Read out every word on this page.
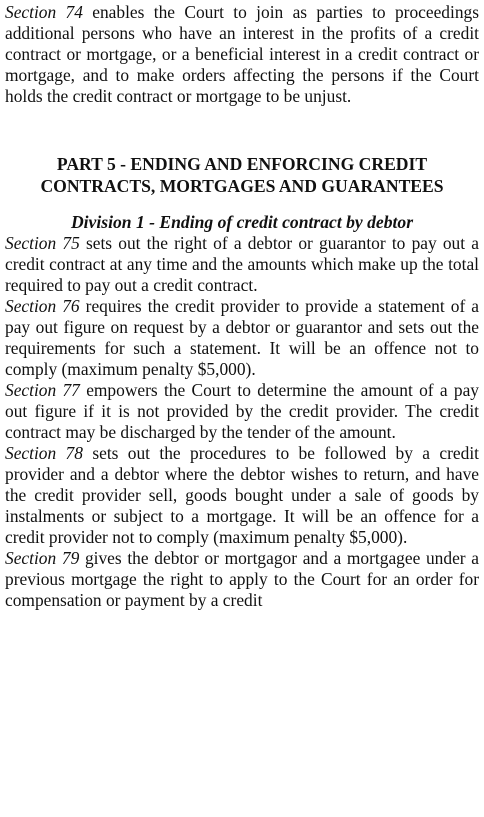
Section 74 enables the Court to join as parties to proceedings additional persons who have an interest in the profits of a credit contract or mortgage, or a beneficial interest in a credit contract or mortgage, and to make orders affecting the persons if the Court holds the credit contract or mortgage to be unjust.

PART 5 - ENDING AND ENFORCING CREDIT CONTRACTS, MORTGAGES AND GUARANTEES
Division 1 - Ending of credit contract by debtor

Section 75 sets out the right of a debtor or guarantor to pay out a credit contract at any time and the amounts which make up the total required to pay out a credit contract.

Section 76 requires the credit provider to provide a statement of a pay out figure on request by a debtor or guarantor and sets out the requirements for such a statement. It will be an offence not to comply (maximum penalty $5,000).

Section 77 empowers the Court to determine the amount of a pay out figure if it is not provided by the credit provider. The credit contract may be discharged by the tender of the amount.

Section 78 sets out the procedures to be followed by a credit provider and a debtor where the debtor wishes to return, and have the credit provider sell, goods bought under a sale of goods by instalments or subject to a mortgage. It will be an offence for a credit provider not to comply (maximum penalty $5,000).

Section 79 gives the debtor or mortgagor and a mortgagee under a previous mortgage the right to apply to the Court for an order for compensation or payment by a credit
